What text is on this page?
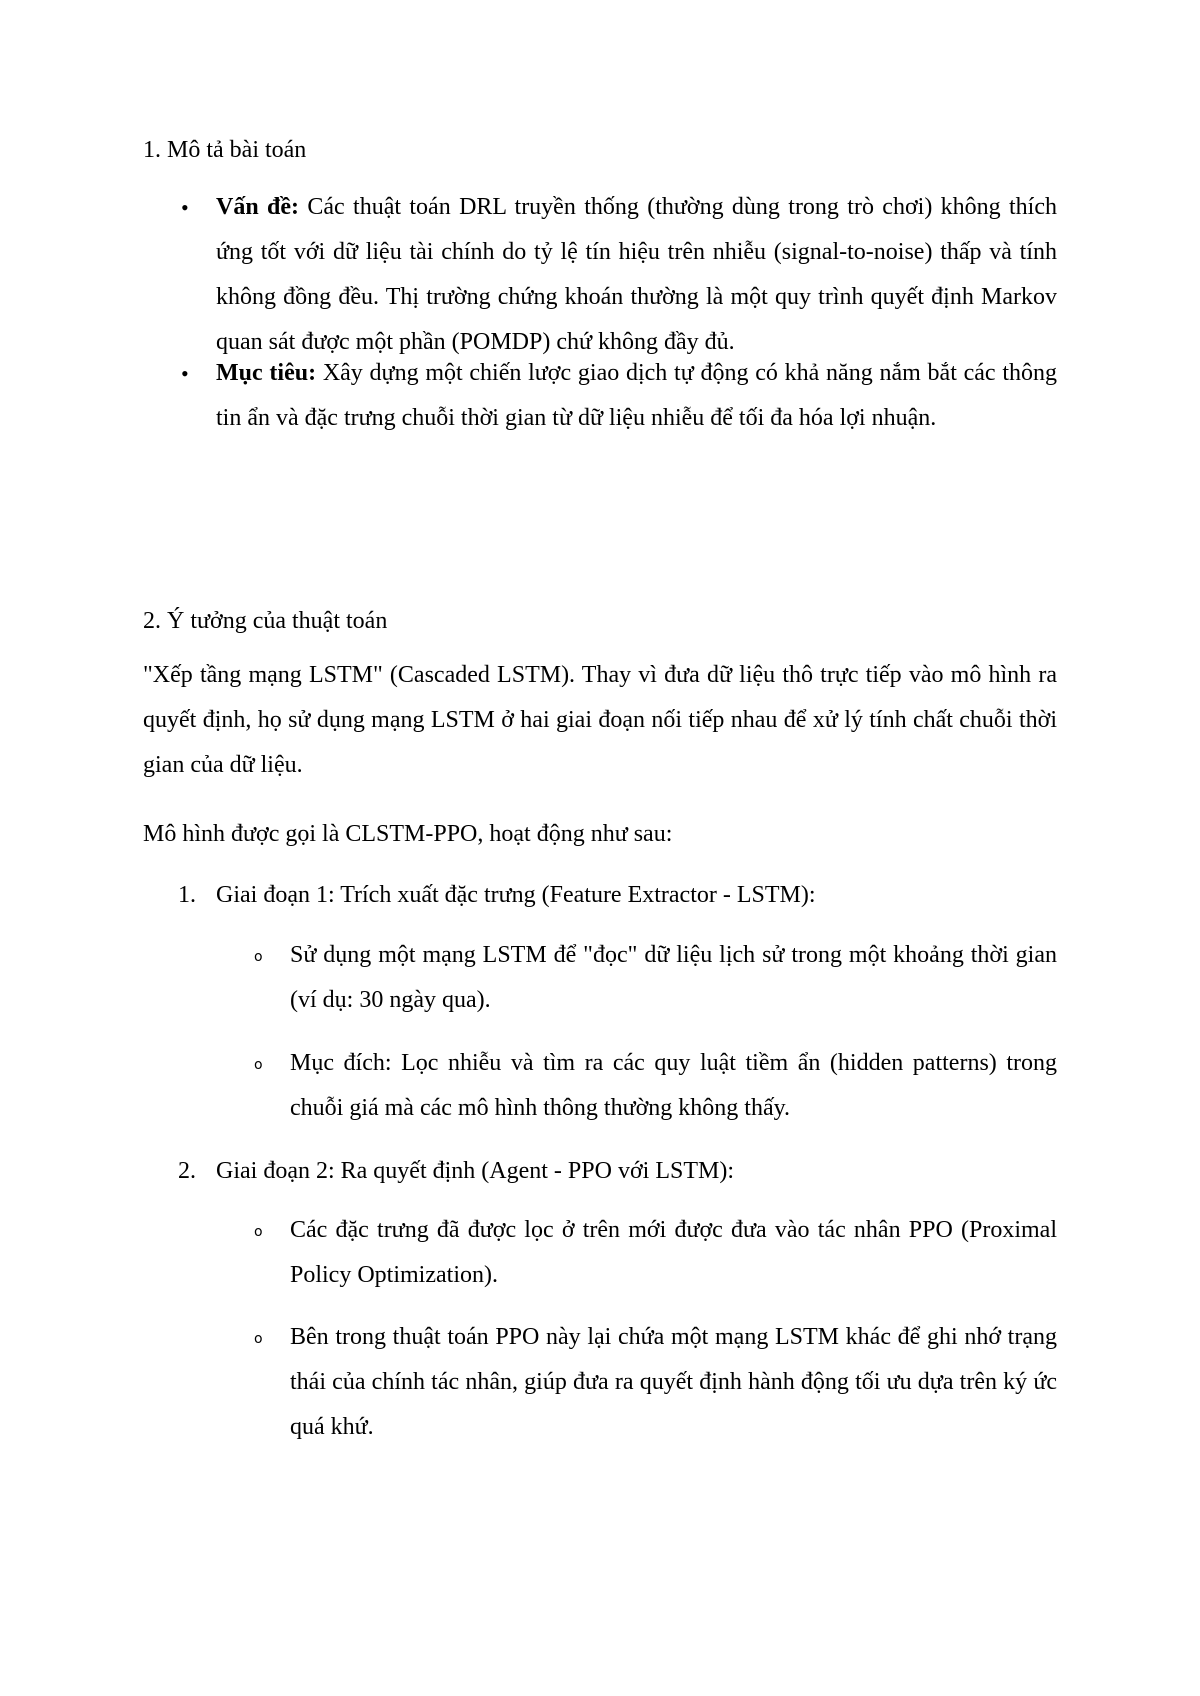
1. Mô tả bài toán
• Vấn đề: Các thuật toán DRL truyền thống (thường dùng trong trò chơi) không thích ứng tốt với dữ liệu tài chính do tỷ lệ tín hiệu trên nhiễu (signal-to-noise) thấp và tính không đồng đều. Thị trường chứng khoán thường là một quy trình quyết định Markov quan sát được một phần (POMDP) chứ không đầy đủ.
• Mục tiêu: Xây dựng một chiến lược giao dịch tự động có khả năng nắm bắt các thông tin ẩn và đặc trưng chuỗi thời gian từ dữ liệu nhiễu để tối đa hóa lợi nhuận.
2. Ý tưởng của thuật toán

"Xếp tầng mạng LSTM" (Cascaded LSTM). Thay vì đưa dữ liệu thô trực tiếp vào mô hình ra quyết định, họ sử dụng mạng LSTM ở hai giai đoạn nối tiếp nhau để xử lý tính chất chuỗi thời gian của dữ liệu.

Mô hình được gọi là CLSTM-PPO, hoạt động như sau:

1. Giai đoạn 1: Trích xuất đặc trưng (Feature Extractor - LSTM):
2. Giai đoạn 2: Ra quyết định (Agent - PPO với LSTM):
o Sử dụng một mạng LSTM để "đọc" dữ liệu lịch sử trong một khoảng thời gian (ví dụ: 30 ngày qua).
o Mục đích: Lọc nhiễu và tìm ra các quy luật tiềm ẩn (hidden patterns) trong chuỗi giá mà các mô hình thông thường không thấy.
o Các đặc trưng đã được lọc ở trên mới được đưa vào tác nhân PPO (Proximal Policy Optimization).
o Bên trong thuật toán PPO này lại chứa một mạng LSTM khác để ghi nhớ trạng thái của chính tác nhân, giúp đưa ra quyết định hành động tối ưu dựa trên ký ức quá khứ.
